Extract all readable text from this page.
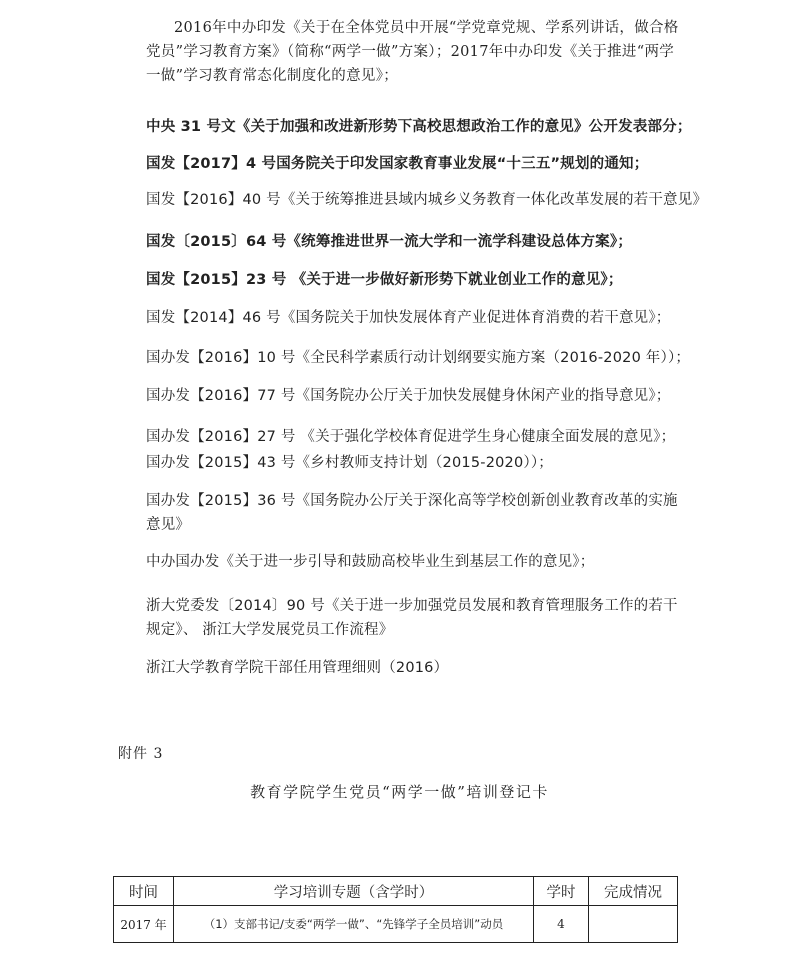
2016年中办印发《关于在全体党员中开展“学党章党规、学系列讲话，做合格党员”学习教育方案》（简称“两学一做”方案）；2017年中办印发《关于推进“两学一做”学习教育常态化制度化的意见》；

中央 31 号文《关于加强和改进新形势下高校思想政治工作的意见》公开发表部分；

国发【2017】4 号国务院关于印发国家教育事业发展“十三五”规划的通知；

国发【2016】40 号《关于统筹推进县域内城乡义务教育一体化改革发展的若干意见》

国发〔2015〕64 号《统筹推进世界一流大学和一流学科建设总体方案》；

国发【2015】23 号 《关于进一步做好新形势下就业创业工作的意见》；

国发【2014】46 号《国务院关于加快发展体育产业促进体育消费的若干意见》；

国办发【2016】10 号《全民科学素质行动计划纲要实施方案（2016-2020 年））；

国办发【2016】77 号《国务院办公厅关于加快发展健身休闲产业的指导意见》；

国办发【2016】27 号 《关于强化学校体育促进学生身心健康全面发展的意见》；

国办发【2015】43 号《乡村教师支持计划（2015-2020））；

国办发【2015】36 号《国务院办公厅关于深化高等学校创新创业教育改革的实施意见》

中办国办发《关于进一步引导和鼓励高校毕业生到基层工作的意见》；

浙大党委发〔2014〕90 号《关于进一步加强党员发展和教育管理服务工作的若干规定》、 浙江大学发展党员工作流程》

浙江大学教育学院干部任用管理细则（2016）

附件 3
教育学院学生党员“两学一做”培训登记卡
时间	学习培训专题（含学时）	学时	完成情况
2017 年	（1）支部书记/支委“两学一做”、“先锋学子全员培训”动员	4	
